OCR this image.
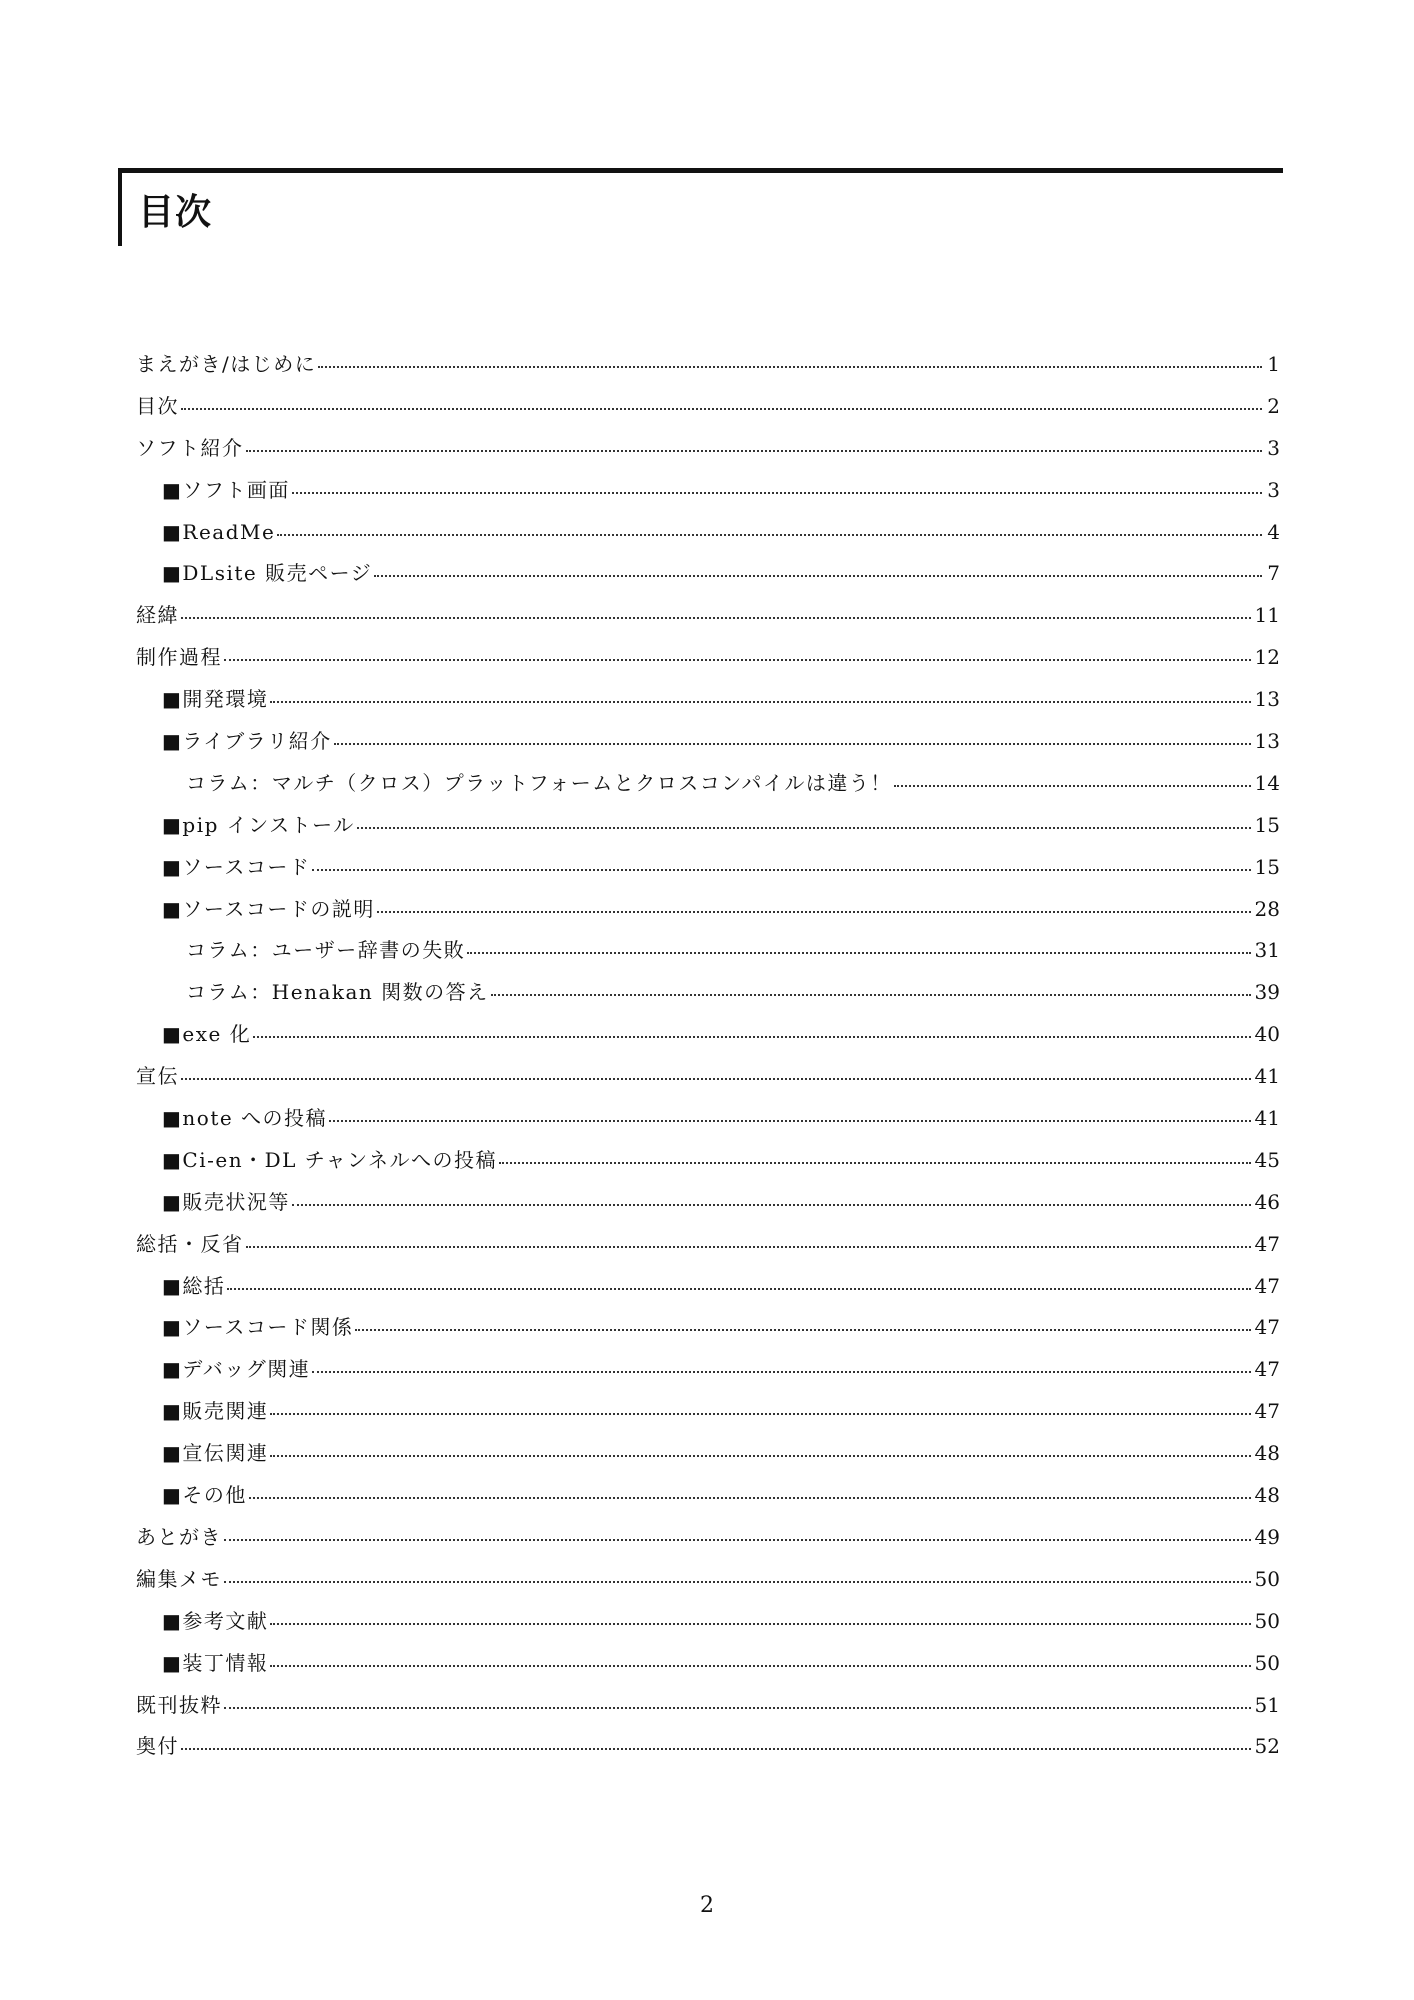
目次
まえがき/はじめに	1
目次	2
ソフト紹介	3
■ソフト画面	3
■ReadMe	4
■DLsite 販売ページ	7
経緯	11
制作過程	12
■開発環境	13
■ライブラリ紹介	13
コラム：マルチ（クロス）プラットフォームとクロスコンパイルは違う！	14
■pip インストール	15
■ソースコード	15
■ソースコードの説明	28
コラム：ユーザー辞書の失敗	31
コラム：Henakan 関数の答え	39
■exe 化	40
宣伝	41
■note への投稿	41
■Ci-en・DL チャンネルへの投稿	45
■販売状況等	46
総括・反省	47
■総括	47
■ソースコード関係	47
■デバッグ関連	47
■販売関連	47
■宣伝関連	48
■その他	48
あとがき	49
編集メモ	50
■参考文献	50
■装丁情報	50
既刊抜粋	51
奥付	52
2
